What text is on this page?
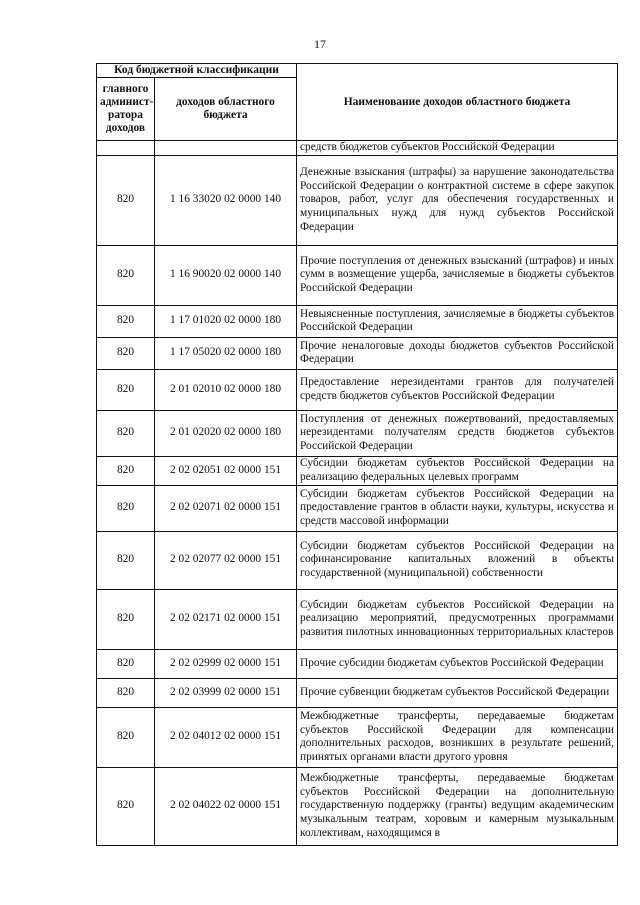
17
Код бюджетной классификации		Наименование доходов областного бюджета
главного админист-ратора доходов	доходов областного бюджета	
		средств бюджетов субъектов Российской Федерации
820	1 16 33020 02 0000 140	Денежные взыскания (штрафы) за нарушение законодательства Российской Федерации о контрактной системе в сфере закупок товаров, работ, услуг для обеспечения государственных и муниципальных нужд для нужд субъектов Российской Федерации
820	1 16 90020 02 0000 140	Прочие поступления от денежных взысканий (штрафов) и иных сумм в возмещение ущерба, зачисляемые в бюджеты субъектов Российской Федерации
820	1 17 01020 02 0000 180	Невыясненные поступления, зачисляемые в бюджеты субъектов Российской Федерации
820	1 17 05020 02 0000 180	Прочие неналоговые доходы бюджетов субъектов Российской Федерации
820	2 01 02010 02 0000 180	Предоставление нерезидентами грантов для получателей средств бюджетов субъектов Российской Федерации
820	2 01 02020 02 0000 180	Поступления от денежных пожертвований, предоставляемых нерезидентами получателям средств бюджетов субъектов Российской Федерации
820	2 02 02051 02 0000 151	Субсидии бюджетам субъектов Российской Федерации на реализацию федеральных целевых программ
820	2 02 02071 02 0000 151	Субсидии бюджетам субъектов Российской Федерации на предоставление грантов в области науки, культуры, искусства и средств массовой информации
820	2 02 02077 02 0000 151	Субсидии бюджетам субъектов Российской Федерации на софинансирование капитальных вложений в объекты государственной (муниципальной) собственности
820	2 02 02171 02 0000 151	Субсидии бюджетам субъектов Российской Федерации на реализацию мероприятий, предусмотренных программами развития пилотных инновационных территориальных кластеров
820	2 02 02999 02 0000 151	Прочие субсидии бюджетам субъектов Российской Федерации
820	2 02 03999 02 0000 151	Прочие субвенции бюджетам субъектов Российской Федерации
820	2 02 04012 02 0000 151	Межбюджетные трансферты, передаваемые бюджетам субъектов Российской Федерации для компенсации дополнительных расходов, возникших в результате решений, принятых органами власти другого уровня
820	2 02 04022 02 0000 151	Межбюджетные трансферты, передаваемые бюджетам субъектов Российской Федерации на дополнительную государственную поддержку (гранты) ведущим академическим музыкальным театрам, хоровым и камерным музыкальным коллективам, находящимся в
